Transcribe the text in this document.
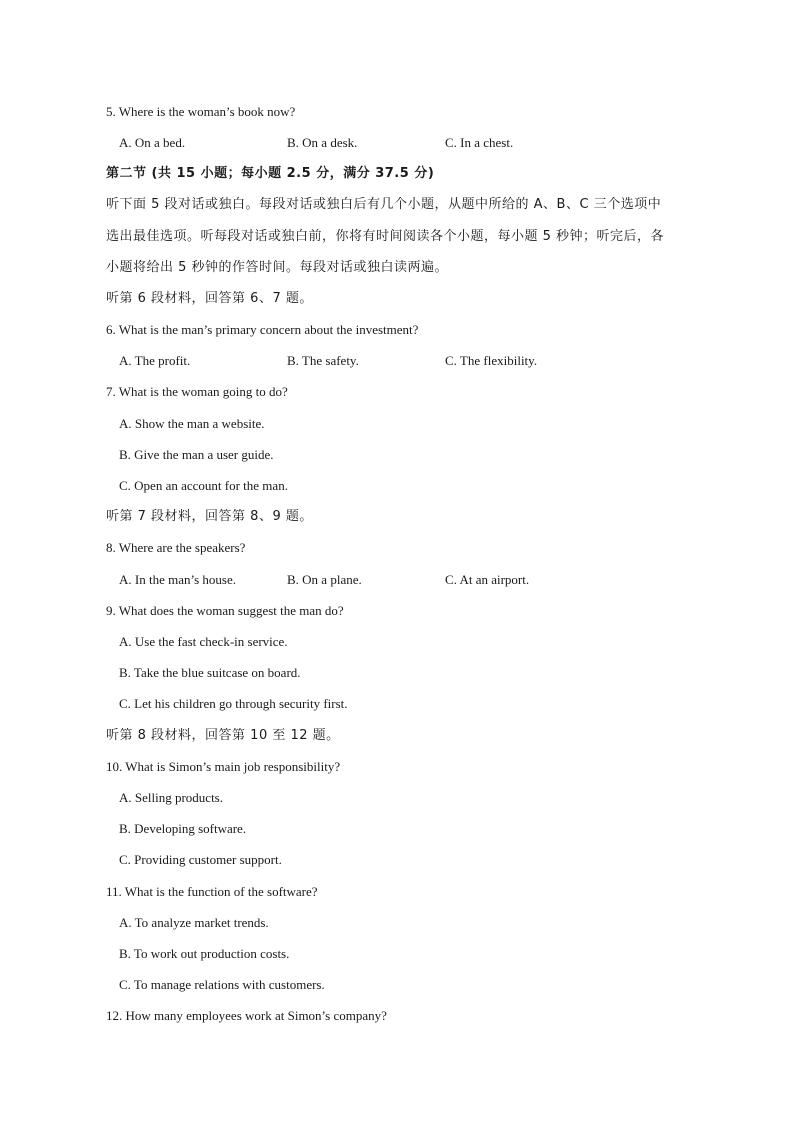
5. Where is the woman’s book now?
A. On a bed.	B. On a desk.	C. In a chest.
第二节 (共 15 小题；每小题 2.5 分，满分 37.5 分)
听下面 5 段对话或独白。每段对话或独白后有几个小题，从题中所给的 A、B、C 三个选项中
选出最佳选项。听每段对话或独白前，你将有时间阅读各个小题，每小题 5 秒钟；听完后，各
小题将给出 5 秒钟的作答时间。每段对话或独白读两遍。
听第 6 段材料，回答第 6、7 题。
6. What is the man’s primary concern about the investment?
A. The profit.	B. The safety.	C. The flexibility.
7. What is the woman going to do?
A. Show the man a website.
B. Give the man a user guide.
C. Open an account for the man.
听第 7 段材料，回答第 8、9 题。
8. Where are the speakers?
A. In the man’s house.	B. On a plane.	C. At an airport.
9. What does the woman suggest the man do?
A. Use the fast check-in service.
B. Take the blue suitcase on board.
C. Let his children go through security first.
听第 8 段材料，回答第 10 至 12 题。
10. What is Simon’s main job responsibility?
A. Selling products.
B. Developing software.
C. Providing customer support.
11. What is the function of the software?
A. To analyze market trends.
B. To work out production costs.
C. To manage relations with customers.
12. How many employees work at Simon’s company?
